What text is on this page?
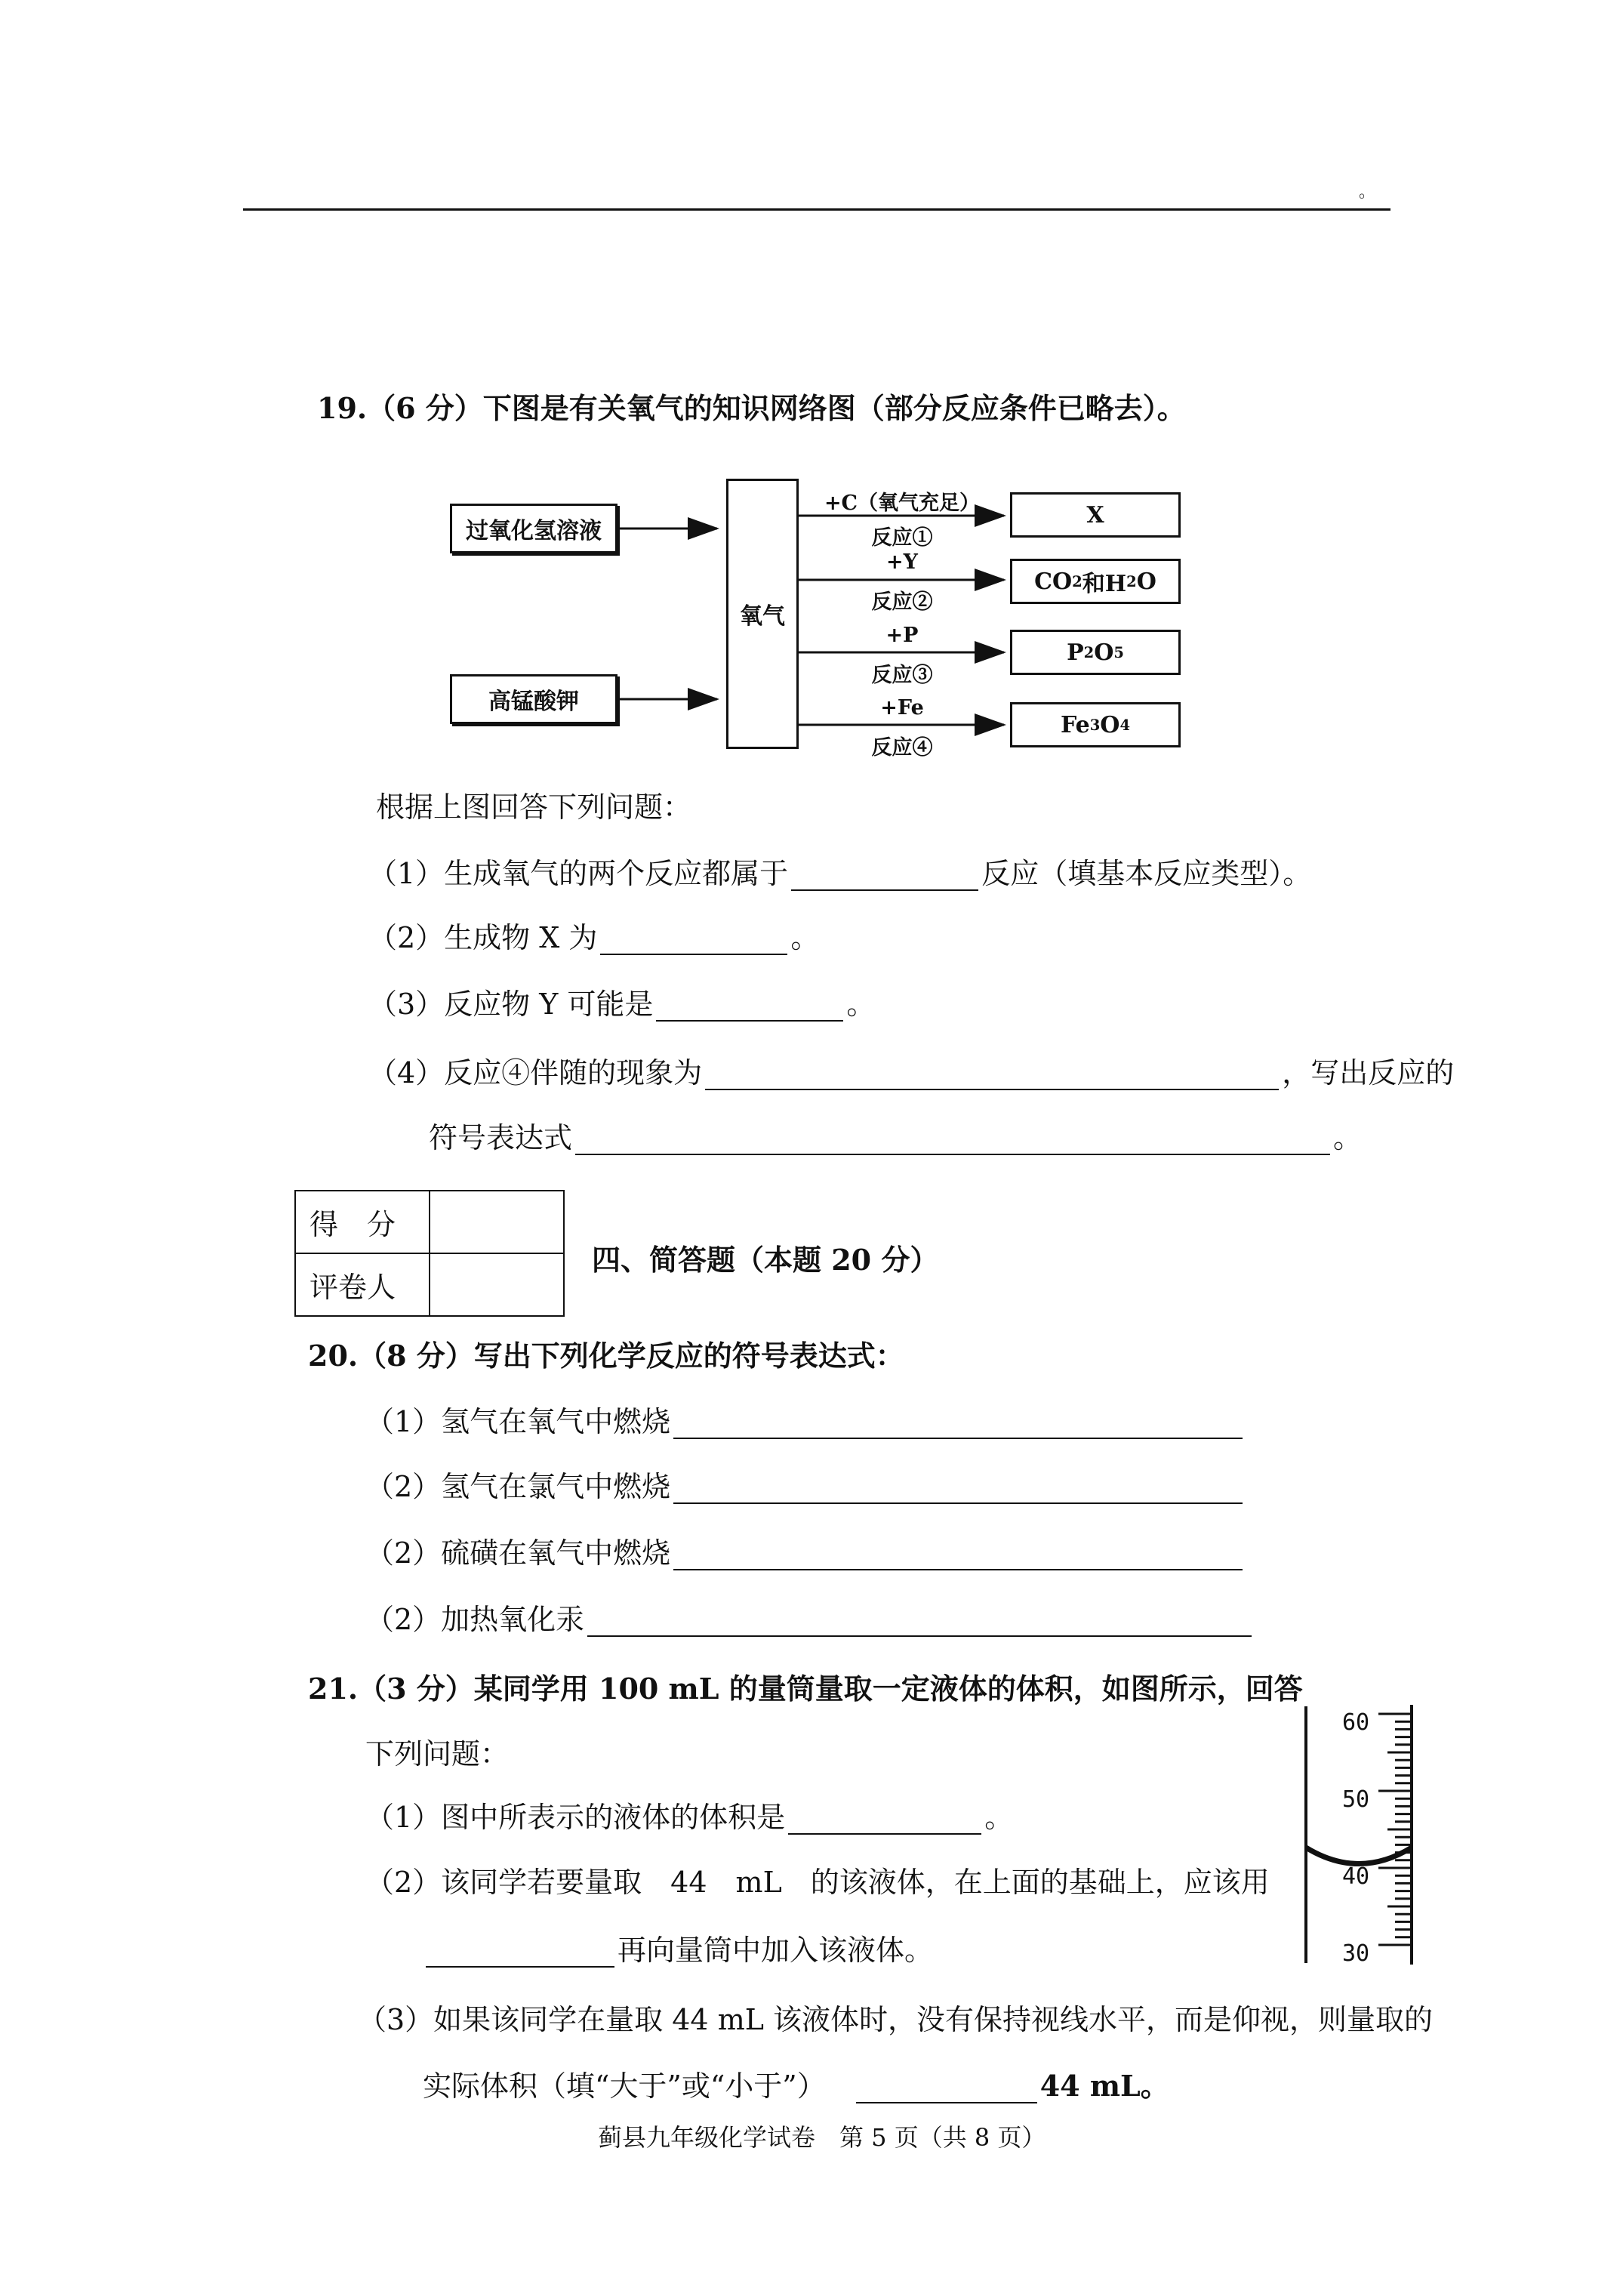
。
19.（6 分）下图是有关氧气的知识网络图（部分反应条件已略去）。
过氧化氢溶液
高锰酸钾
氧气
+C（氧气充足）
反应①
+Y
反应②
+P
反应③
+Fe
反应④
X
CO 2 和H 2 O
P 2 O 5
Fe 3 O 4
根据上图回答下列问题：
（1）生成氧气的两个反应都属于	反应（填基本反应类型）。
（2）生成物 X 为	。
（3）反应物 Y 可能是	。
（4）反应④伴随的现象为	，写出反应的
符号表达式	。
得　分	
评卷人	
四、简答题（本题 20 分）
20.（8 分）写出下列化学反应的符号表达式：
（1）氢气在氧气中燃烧
（2）氢气在氯气中燃烧
（2）硫磺在氧气中燃烧
（2）加热氧化汞
21.（3 分）某同学用 100 mL 的量筒量取一定液体的体积，如图所示，回答
下列问题：
（1）图中所表示的液体的体积是	。
（2）该同学若要量取　44　mL　的该液体，在上面的基础上，应该用
再向量筒中加入该液体。
（3）如果该同学在量取 44 mL 该液体时，没有保持视线水平，而是仰视，则量取的
实际体积（填“大于”或“小于”）	44 mL。
60
50
40
30
蓟县九年级化学试卷　第 5 页（共 8 页）
